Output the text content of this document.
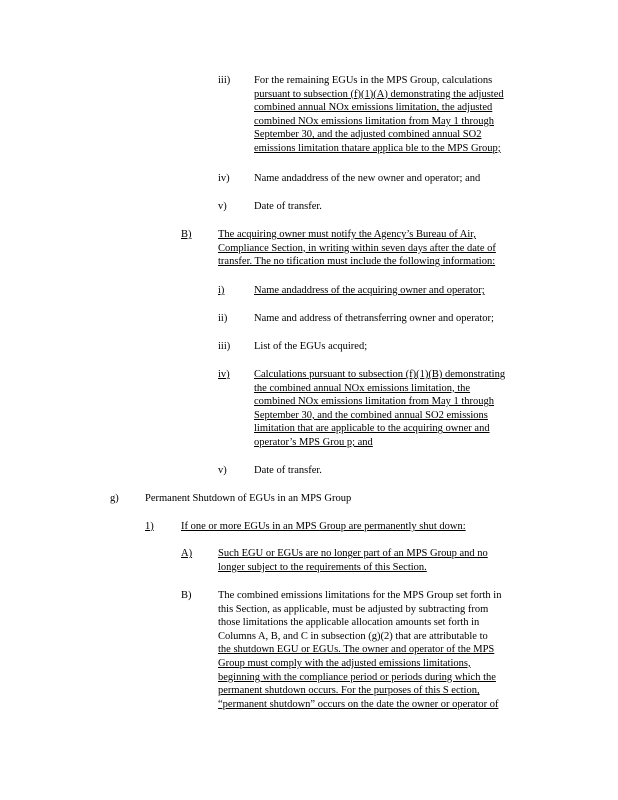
iii) For the remaining EGUs in the MPS Group, calculations
pursuant to subsection (f)(1)(A) demonstrating the adjusted
combined annual NOx emissions limitation, the adjusted
combined NOx emissions limitation from May 1 through
September 30, and the adjusted combined annual SO2
emissions limitation thatare applica ble to the MPS Group;
iv) Name andaddress of the new owner and operator; and
v)	Date of transfer.
B)	The acquiring owner must notify the Agency’s Bureau of Air,
Compliance Section, in writing within seven days after the date of
transfer. The no tification must include the following information:
i)	Name andaddress of the acquiring owner and operator;
ii)	Name and address of thetransferring owner and operator;
iii) List of the EGUs acquired;
iv) Calculations pursuant to subsection (f)(1)(B) demonstrating
the combined annual NOx emissions limitation, the
combined NOx emissions limitation from May 1 through
September 30, and the combined annual SO2 emissions
limitation that are applicable to the acquiring owner and
operator’s MPS Grou p; and
v)	Date of transfer.
g)	Permanent Shutdown of EGUs in an MPS Group
1)	If one or more EGUs in an MPS Group are permanently shut down:
A) Such EGU or EGUs are no longer part of an MPS Group and no
longer subject to the requirements of this Section.
B)	The combined emissions limitations for the MPS Group set forth in
this Section, as applicable, must be adjusted by subtracting from
those limitations the applicable allocation amounts set forth in
Columns A, B, and C in subsection (g)(2) that are attributable to
the shutdown EGU or EGUs. The owner and operator of the MPS
Group must comply with the adjusted emissions limitations,
beginning with the compliance period or periods during which the
permanent shutdown occurs. For the purposes of this S ection,
“permanent shutdown” occurs on the date the owner or operator of
